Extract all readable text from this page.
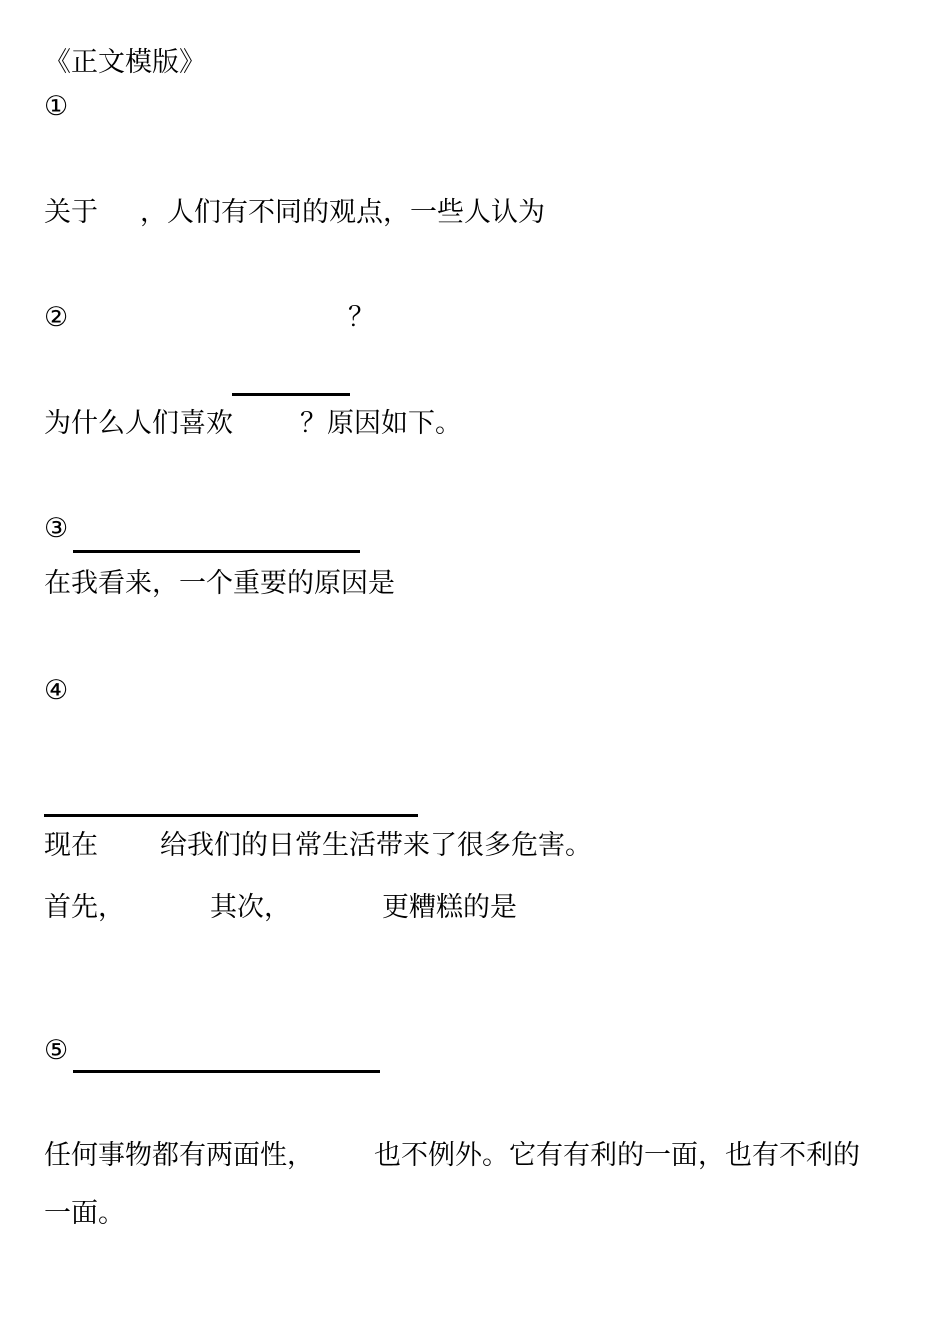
《正文模版》
①
关于 ，人们有不同的观点，一些人认为
②	？
为什么人们喜欢 ？原因如下。
③
在我看来，一个重要的原因是
④
现在 给我们的日常生活带来了很多危害。
首先，	其次，	更糟糕的是
⑤
任何事物都有两面性， 也不例外。它有有利的一面，也有不利的
一面。
